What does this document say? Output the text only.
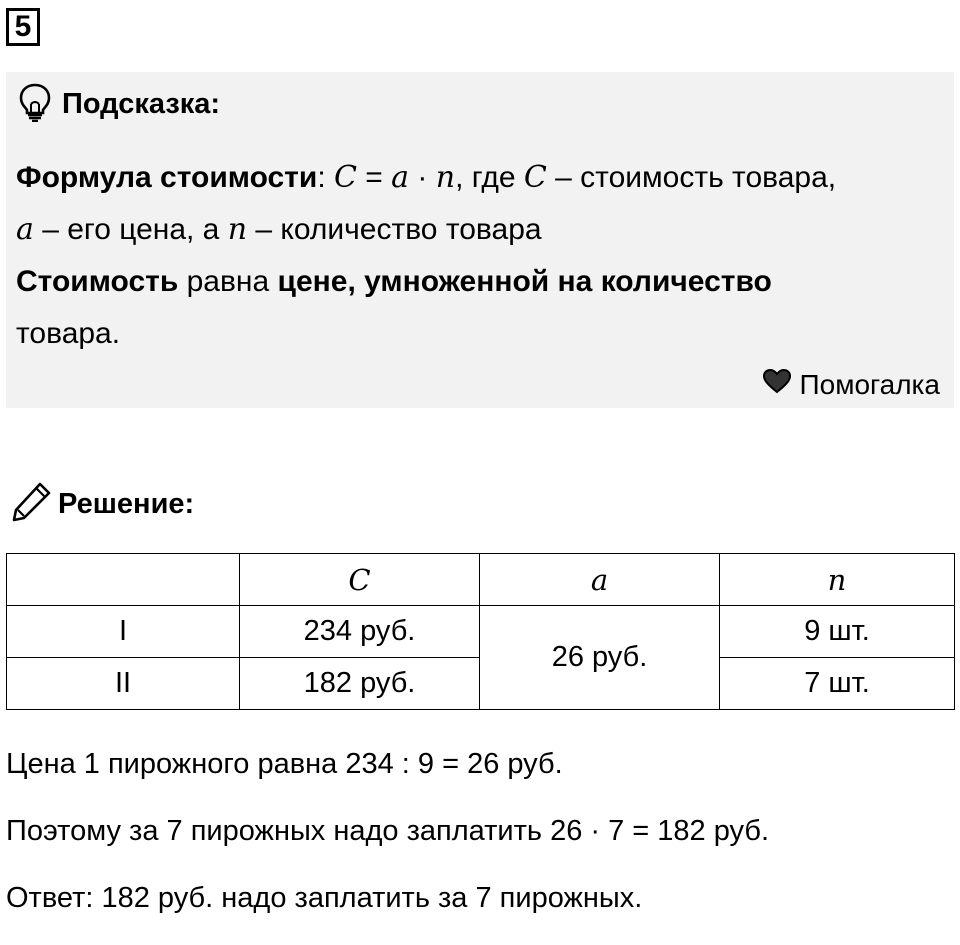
5
Подсказка:

Формула стоимости: C = a · n, где C – стоимость товара,

a – его цена, а n – количество товара

Стоимость равна цене, умноженной на количество

товара.

Помогалка
Решение:
	C	a	n
I	234 руб.	26 руб.	9 шт.
II	182 руб.		7 шт.

Цена 1 пирожного равна 234 : 9 = 26 руб.

Поэтому за 7 пирожных надо заплатить 26 · 7 = 182 руб.

Ответ: 182 руб. надо заплатить за 7 пирожных.
